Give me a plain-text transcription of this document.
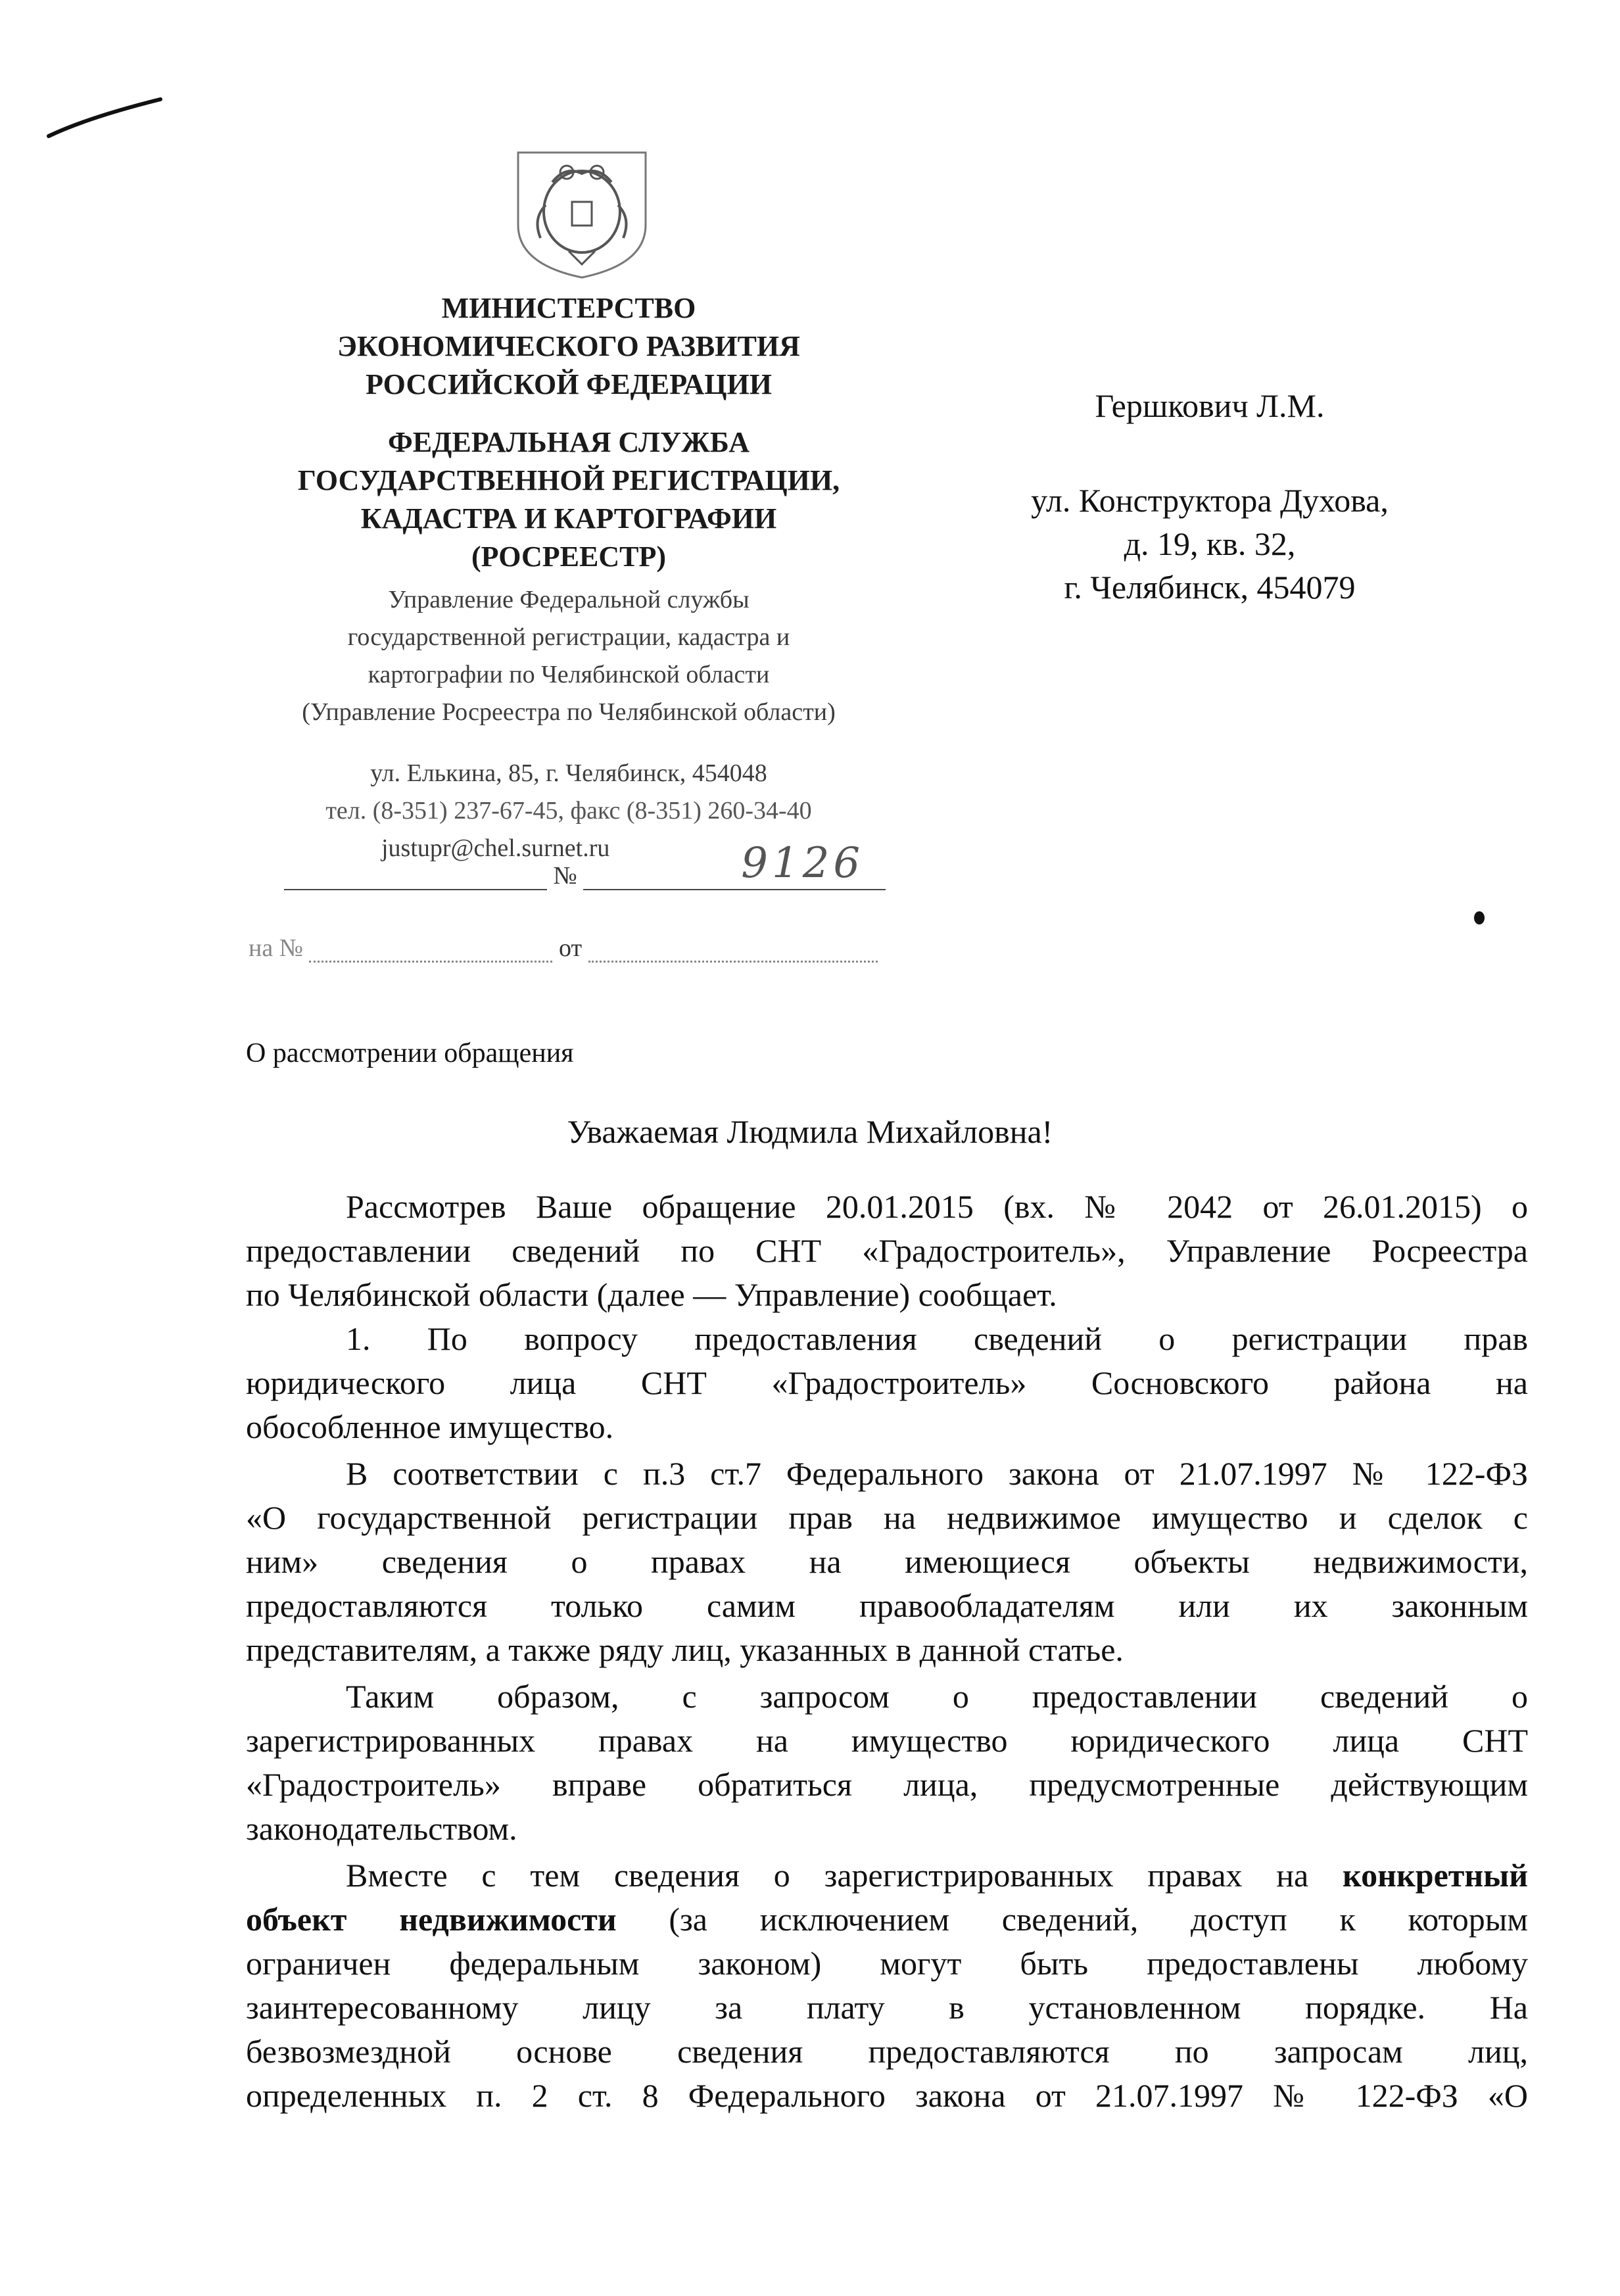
МИНИСТЕРСТВО
ЭКОНОМИЧЕСКОГО РАЗВИТИЯ
РОССИЙСКОЙ ФЕДЕРАЦИИ
ФЕДЕРАЛЬНАЯ СЛУЖБА
ГОСУДАРСТВЕННОЙ РЕГИСТРАЦИИ,
КАДАСТРА И КАРТОГРАФИИ
(РОСРЕЕСТР)
Управление Федеральной службы
государственной регистрации, кадастра и
картографии по Челябинской области
(Управление Росреестра по Челябинской области)
ул. Елькина, 85, г. Челябинск, 454048
тел. (8-351) 237-67-45, факс (8-351) 260-34-40
justupr@chel.surnet.ru
№	9126
на №	от
Гершкович Л.М.
ул. Конструктора Духова,
д. 19, кв. 32,
г. Челябинск, 454079
О рассмотрении обращения
Уважаемая Людмила Михайловна!
Рассмотрев Ваше обращение 20.01.2015 (вх. № 2042 от 26.01.2015) о
предоставлении сведений по СНТ «Градостроитель», Управление Росреестра
по Челябинской области (далее — Управление) сообщает.
1. По вопросу предоставления сведений о регистрации прав
юридического лица СНТ «Градостроитель» Сосновского района на
обособленное имущество.
В соответствии с п.3 ст.7 Федерального закона от 21.07.1997 № 122-ФЗ
«О государственной регистрации прав на недвижимое имущество и сделок с
ним» сведения о правах на имеющиеся объекты недвижимости,
предоставляются только самим правообладателям или их законным
представителям, а также ряду лиц, указанных в данной статье.
Таким образом, с запросом о предоставлении сведений о
зарегистрированных правах на имущество юридического лица СНТ
«Градостроитель» вправе обратиться лица, предусмотренные действующим
законодательством.
Вместе с тем сведения о зарегистрированных правах на конкретный
объект недвижимости (за исключением сведений, доступ к которым
ограничен федеральным законом) могут быть предоставлены любому
заинтересованному лицу за плату в установленном порядке. На
безвозмездной основе сведения предоставляются по запросам лиц,
определенных п. 2 ст. 8 Федерального закона от 21.07.1997 № 122-ФЗ «О
